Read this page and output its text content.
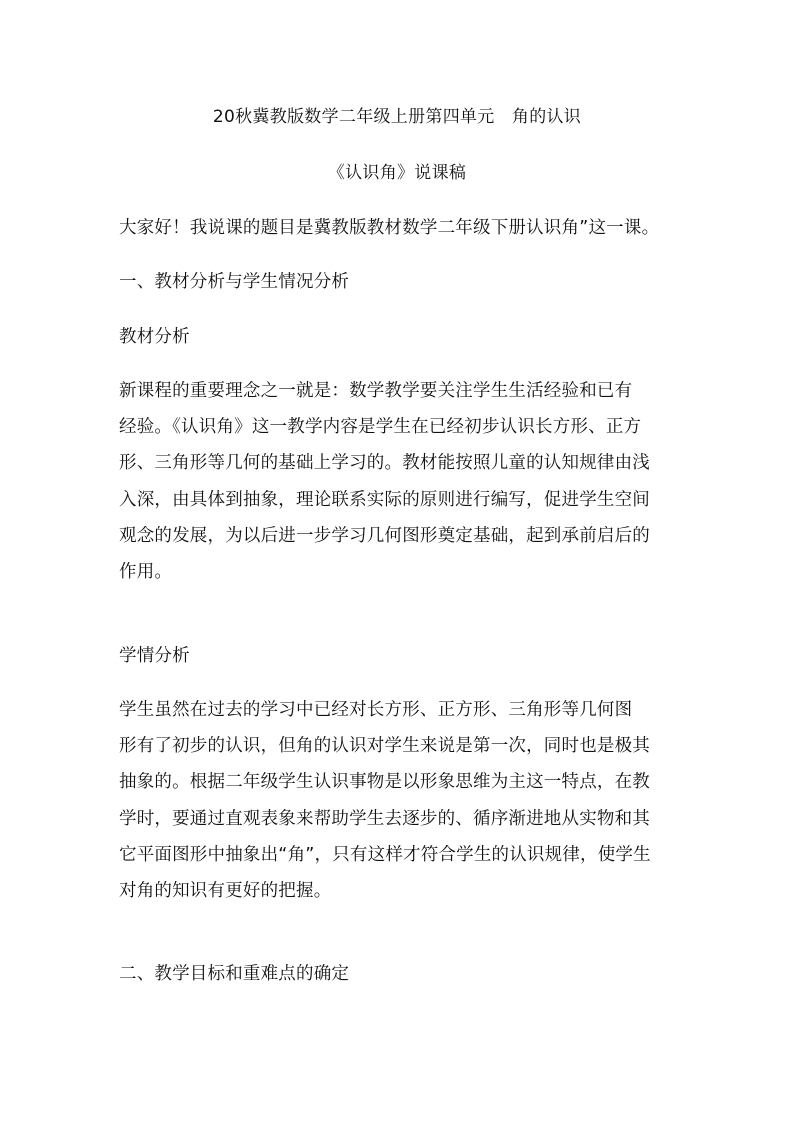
20秋冀教版数学二年级上册第四单元　角的认识
《认识角》说课稿
大家好！我说课的题目是冀教版教材数学二年级下册认识角”这一课。
一、教材分析与学生情况分析
教材分析
新课程的重要理念之一就是：数学教学要关注学生生活经验和已有
经验。《认识角》这一教学内容是学生在已经初步认识长方形、正方
形、三角形等几何的基础上学习的。教材能按照儿童的认知规律由浅
入深，由具体到抽象，理论联系实际的原则进行编写，促进学生空间
观念的发展，为以后进一步学习几何图形奠定基础，起到承前启后的
作用。
学情分析
学生虽然在过去的学习中已经对长方形、正方形、三角形等几何图
形有了初步的认识，但角的认识对学生来说是第一次，同时也是极其
抽象的。根据二年级学生认识事物是以形象思维为主这一特点，在教
学时，要通过直观表象来帮助学生去逐步的、循序渐进地从实物和其
它平面图形中抽象出“角”，只有这样才符合学生的认识规律，使学生
对角的知识有更好的把握。
二、教学目标和重难点的确定
